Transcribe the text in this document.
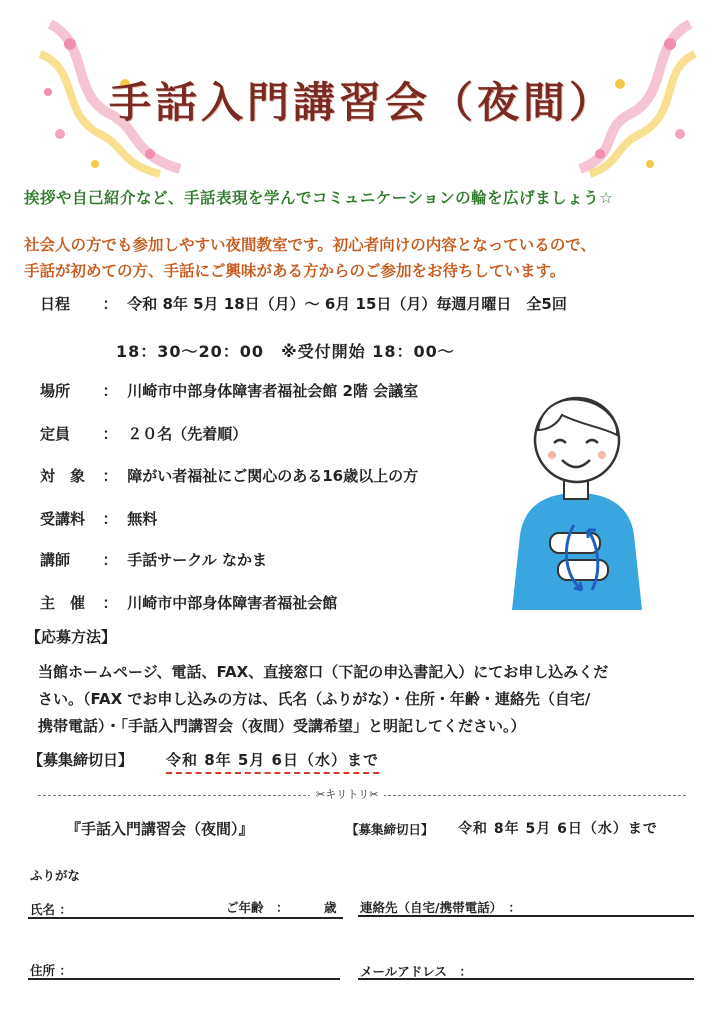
手話入門講習会（夜間）
挨拶や自己紹介など、手話表現を学んでコミュニケーションの輪を広げましょう☆
社会人の方でも参加しやすい夜間教室です。初心者向けの内容となっているので、
手話が初めての方、手話にご興味がある方からのご参加をお待ちしています。
日程 ： 令和 8年 5月 18日（月）～ 6月 15日（月）毎週月曜日　全5回
18：30～20：00　※受付開始 18：00～
場所 ： 川崎市中部身体障害者福祉会館 2階 会議室
定員 ： ２０名（先着順）
対　象 ： 障がい者福祉にご関心のある16歳以上の方
受講料 ： 無料
講師 ： 手話サークル なかま
主　催 ： 川崎市中部身体障害者福祉会館
【応募方法】
当館ホームページ、電話、FAX、直接窓口（下記の申込書記入）にてお申し込みくだ
さい。（FAX でお申し込みの方は、氏名（ふりがな）・住所・年齢・連絡先（自宅/
携帯電話）・「手話入門講習会（夜間）受講希望」と明記してください。）
【募集締切日】 令和 8年 5月 6日（水）まで
✂キリトリ✂
『手話入門講習会（夜間）』	【募集締切日】 令和 8年 5月 6日（水）まで
ふりがな
氏名 ：	ご年齢　：	歳 連絡先（自宅/携帯電話）　：
住所 ：	メールアドレス　：
